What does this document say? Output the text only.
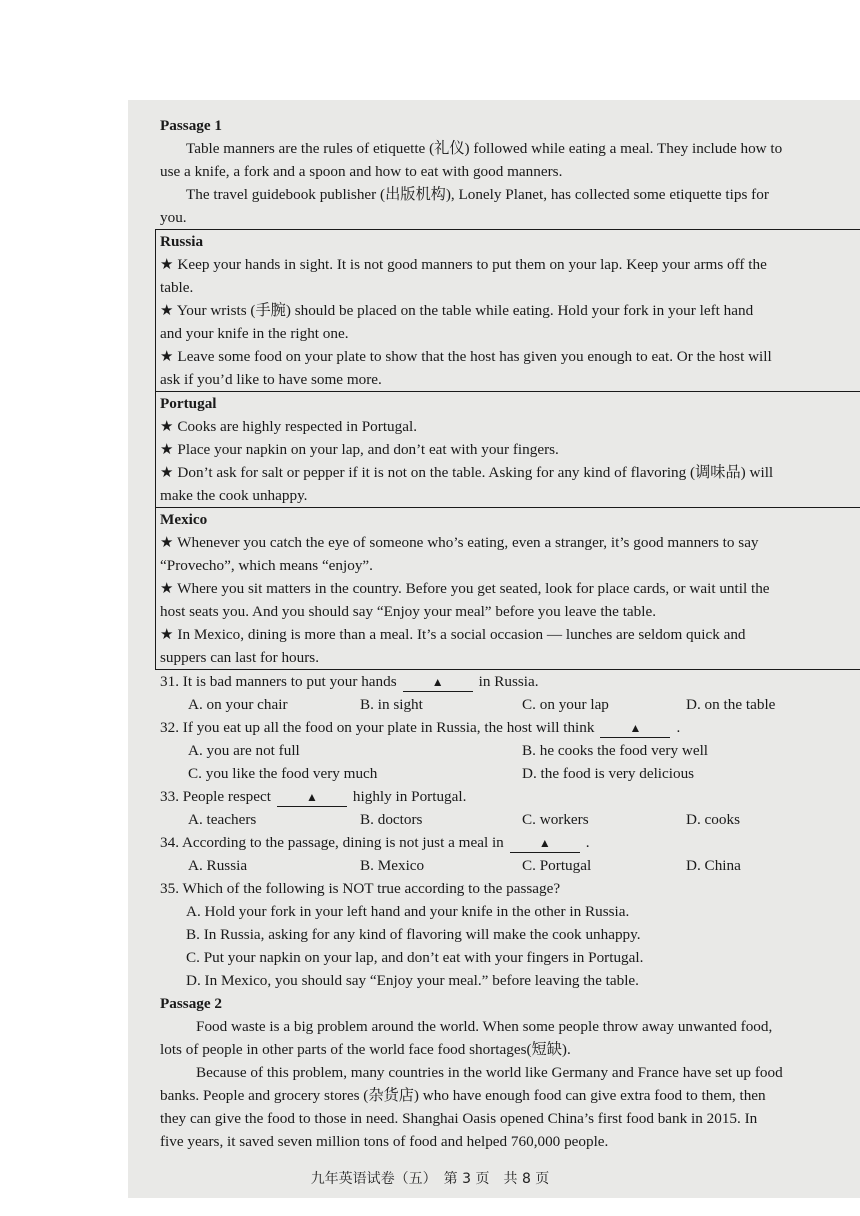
Passage 1
Table manners are the rules of etiquette (礼仪) followed while eating a meal. They include how to
use a knife, a fork and a spoon and how to eat with good manners.
The travel guidebook publisher (出版机构), Lonely Planet, has collected some etiquette tips for
you.
Russia
★ Keep your hands in sight. It is not good manners to put them on your lap. Keep your arms off the
table.
★ Your wrists (手腕) should be placed on the table while eating. Hold your fork in your left hand
and your knife in the right one.
★ Leave some food on your plate to show that the host has given you enough to eat. Or the host will
ask if you’d like to have some more.
Portugal
★ Cooks are highly respected in Portugal.
★ Place your napkin on your lap, and don’t eat with your fingers.
★ Don’t ask for salt or pepper if it is not on the table. Asking for any kind of flavoring (调味品) will
make the cook unhappy.
Mexico
★ Whenever you catch the eye of someone who’s eating, even a stranger, it’s good manners to say
“Provecho”, which means “enjoy”.
★ Where you sit matters in the country. Before you get seated, look for place cards, or wait until the
host seats you. And you should say “Enjoy your meal” before you leave the table.
★ In Mexico, dining is more than a meal. It’s a social occasion — lunches are seldom quick and
suppers can last for hours.
31. It is bad manners to put your hands	▲ in Russia.
A. on your chair	B. in sight	C. on your lap	D. on the table
32. If you eat up all the food on your plate in Russia, the host will think	▲ .
A. you are not full	B. he cooks the food very well
C. you like the food very much	D. the food is very delicious
33. People respect	▲ highly in Portugal.
A. teachers	B. doctors	C. workers	D. cooks
34. According to the passage, dining is not just a meal in	▲ .
A. Russia	B. Mexico	C. Portugal	D. China
35. Which of the following is NOT true according to the passage?
A. Hold your fork in your left hand and your knife in the other in Russia.
B. In Russia, asking for any kind of flavoring will make the cook unhappy.
C. Put your napkin on your lap, and don’t eat with your fingers in Portugal.
D. In Mexico, you should say “Enjoy your meal.” before leaving the table.
Passage 2
Food waste is a big problem around the world. When some people throw away unwanted food,
lots of people in other parts of the world face food shortages(短缺).
Because of this problem, many countries in the world like Germany and France have set up food
banks. People and grocery stores (杂货店) who have enough food can give extra food to them, then
they can give the food to those in need. Shanghai Oasis opened China’s first food bank in 2015. In
five years, it saved seven million tons of food and helped 760,000 people.
九年英语试卷（五）　第 3 页　共 8 页
